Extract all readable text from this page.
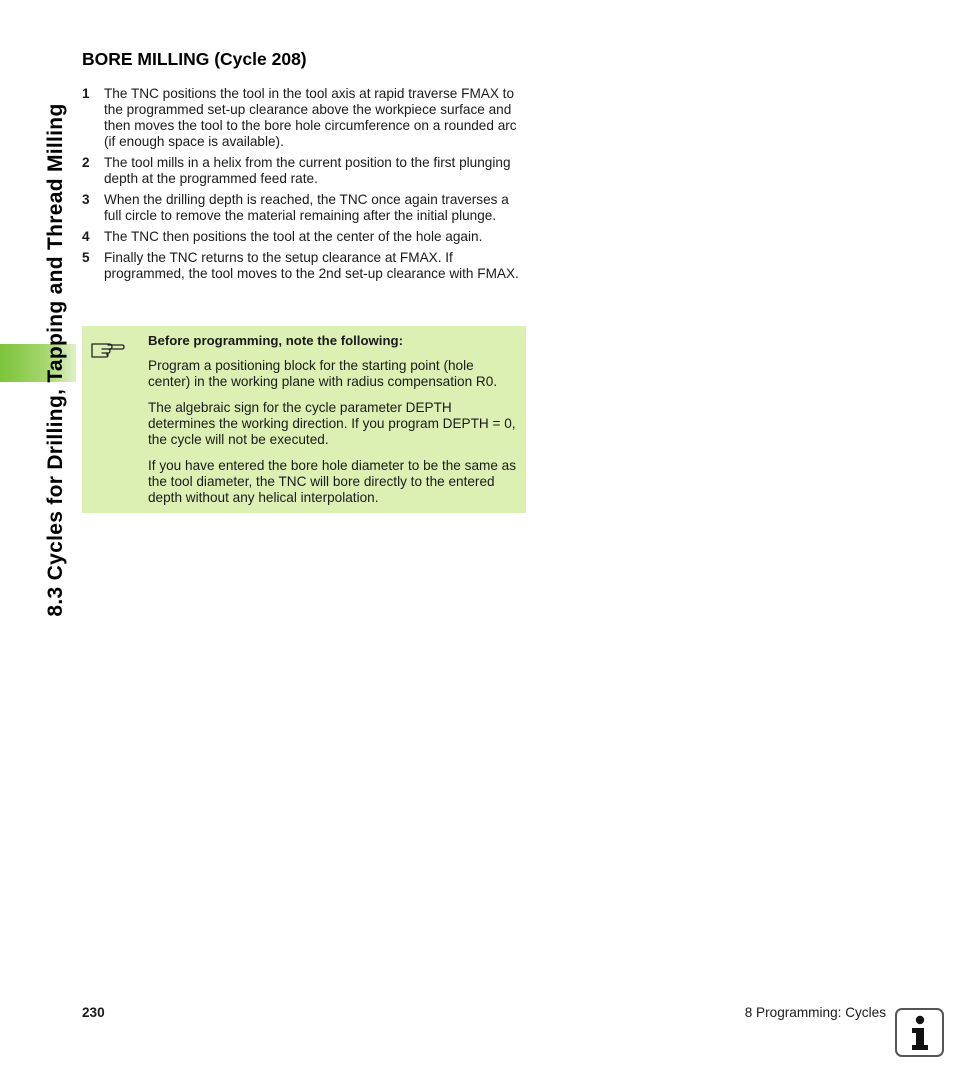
8.3 Cycles for Drilling, Tapping and Thread Milling
BORE MILLING (Cycle 208)
1	The TNC positions the tool in the tool axis at rapid traverse FMAX to the programmed set-up clearance above the workpiece surface and then moves the tool to the bore hole circumference on a rounded arc (if enough space is available).
2	The tool mills in a helix from the current position to the first plunging depth at the programmed feed rate.
3	When the drilling depth is reached, the TNC once again traverses a full circle to remove the material remaining after the initial plunge.
4	The TNC then positions the tool at the center of the hole again.
5	Finally the TNC returns to the setup clearance at FMAX. If programmed, the tool moves to the 2nd set-up clearance with FMAX.

Before programming, note the following:

Program a positioning block for the starting point (hole center) in the working plane with radius compensation R0.

The algebraic sign for the cycle parameter DEPTH determines the working direction. If you program DEPTH = 0, the cycle will not be executed.

If you have entered the bore hole diameter to be the same as the tool diameter, the TNC will bore directly to the entered depth without any helical interpolation.

230	8 Programming: Cycles
